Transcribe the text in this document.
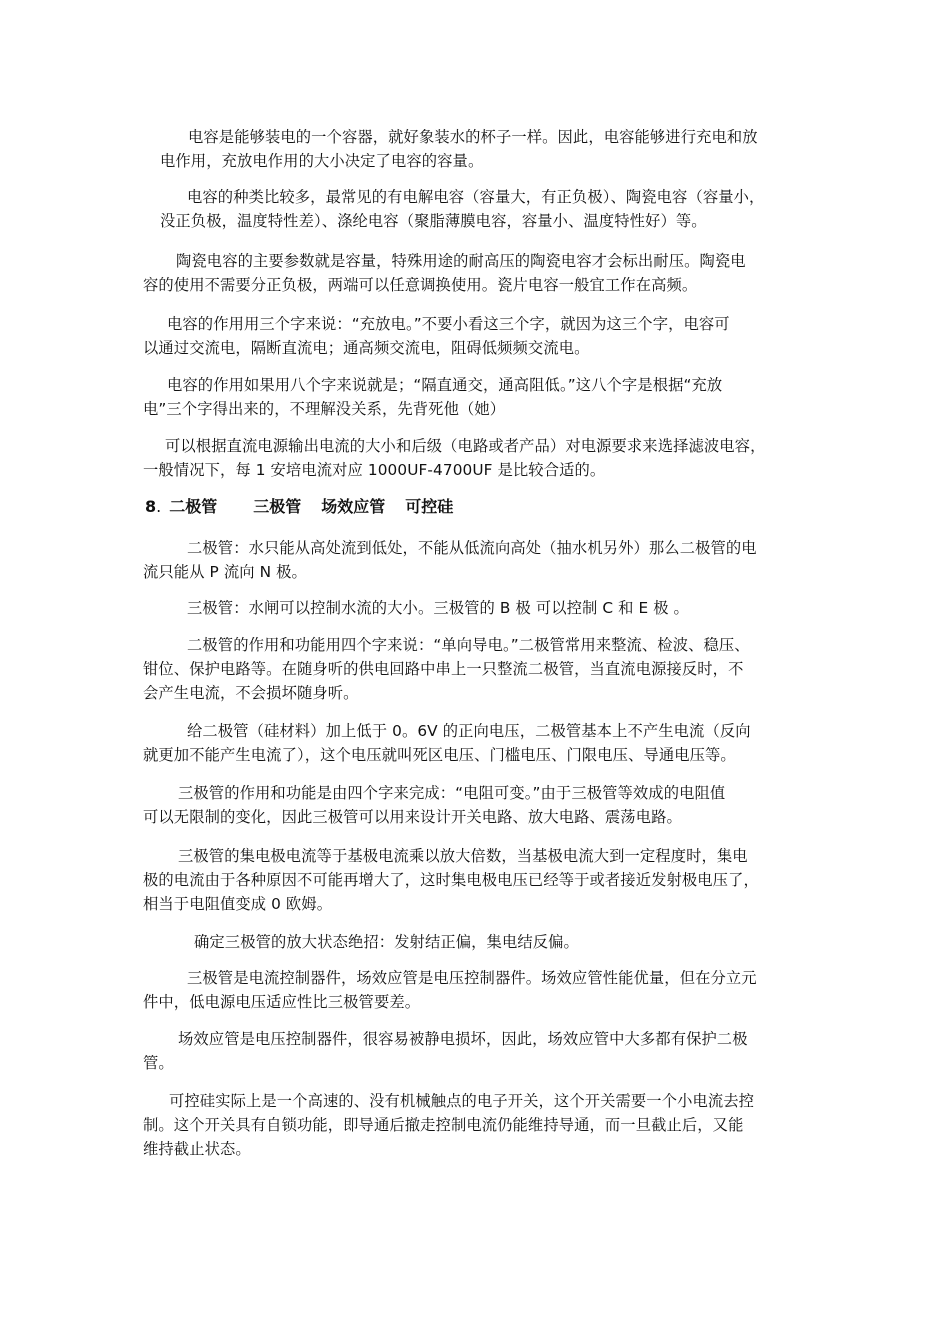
电容是能够装电的一个容器，就好象装水的杯子一样。因此，电容能够进行充电和放
电作用，充放电作用的大小决定了电容的容量。
电容的种类比较多，最常见的有电解电容（容量大，有正负极）、陶瓷电容（容量小，
没正负极，温度特性差）、涤纶电容（聚脂薄膜电容，容量小、温度特性好）等。
陶瓷电容的主要参数就是容量，特殊用途的耐高压的陶瓷电容才会标出耐压。陶瓷电
容的使用不需要分正负极，两端可以任意调换使用。瓷片电容一般宜工作在高频。
电容的作用用三个字来说：“充放电。”不要小看这三个字，就因为这三个字，电容可
以通过交流电，隔断直流电；通高频交流电，阻碍低频频交流电。
电容的作用如果用八个字来说就是；“隔直通交，通高阻低。”这八个字是根据“充放
电”三个字得出来的，不理解没关系，先背死他（她）
可以根据直流电源输出电流的大小和后级（电路或者产品）对电源要求来选择滤波电容，
一般情况下，每 1 安培电流对应 1000UF-4700UF 是比较合适的。
8. 二极管 三极管 场效应管 可控硅
二极管：水只能从高处流到低处，不能从低流向高处（抽水机另外）那么二极管的电
流只能从 P 流向 N 极。
三极管：水闸可以控制水流的大小。三极管的 B 极 可以控制 C 和 E 极 。
二极管的作用和功能用四个字来说：“单向导电。”二极管常用来整流、检波、稳压、
钳位、保护电路等。在随身听的供电回路中串上一只整流二极管，当直流电源接反时，不
会产生电流，不会损坏随身听。
给二极管（硅材料）加上低于 0。6V 的正向电压，二极管基本上不产生电流（反向
就更加不能产生电流了），这个电压就叫死区电压、门槛电压、门限电压、导通电压等。
三极管的作用和功能是由四个字来完成：“电阻可变。”由于三极管等效成的电阻值
可以无限制的变化，因此三极管可以用来设计开关电路、放大电路、震荡电路。
三极管的集电极电流等于基极电流乘以放大倍数，当基极电流大到一定程度时，集电
极的电流由于各种原因不可能再增大了，这时集电极电压已经等于或者接近发射极电压了，
相当于电阻值变成 0 欧姆。
确定三极管的放大状态绝招：发射结正偏，集电结反偏。
三极管是电流控制器件，场效应管是电压控制器件。场效应管性能优量，但在分立元
件中，低电源电压适应性比三极管要差。
场效应管是电压控制器件，很容易被静电损坏，因此，场效应管中大多都有保护二极
管。
可控硅实际上是一个高速的、没有机械触点的电子开关，这个开关需要一个小电流去控
制。这个开关具有自锁功能，即导通后撤走控制电流仍能维持导通，而一旦截止后，又能
维持截止状态。
